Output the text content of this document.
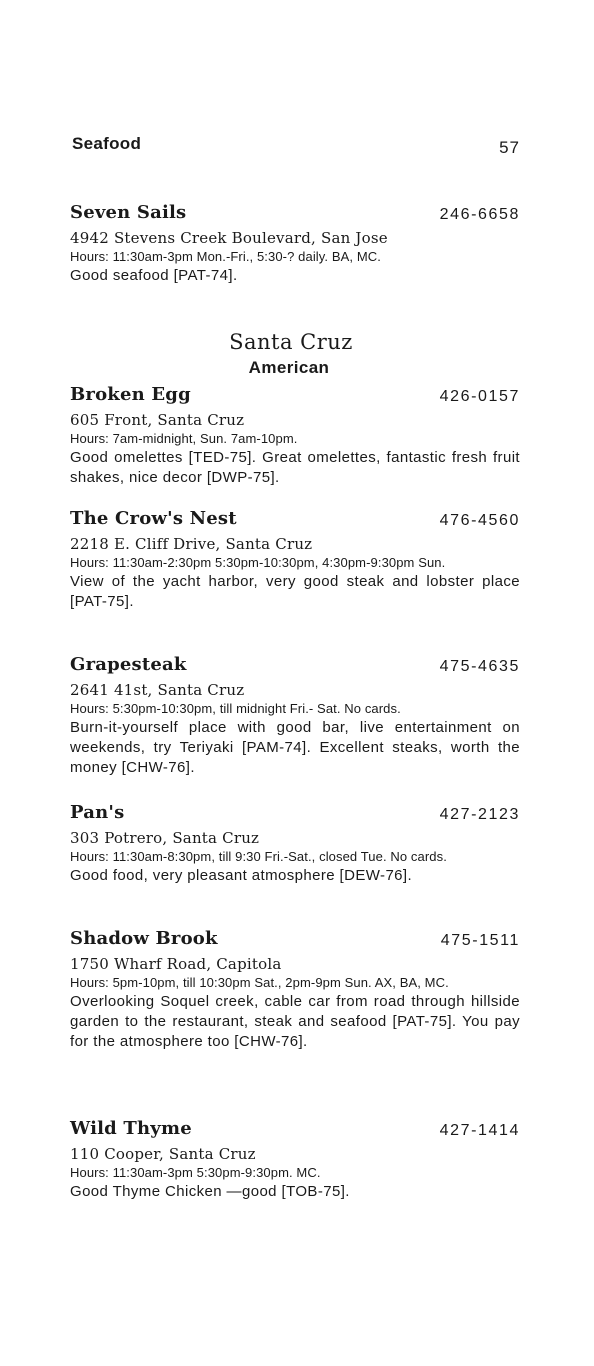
Seafood	57
Seven Sails	246-6658
4942 Stevens Creek Boulevard, San Jose
Hours: 11:30am-3pm Mon.-Fri., 5:30-? daily. BA, MC.
Good seafood [PAT-74].
Santa Cruz
American
Broken Egg	426-0157
605 Front, Santa Cruz
Hours: 7am-midnight, Sun. 7am-10pm.
Good omelettes [TED-75]. Great omelettes, fantastic fresh fruit shakes, nice decor [DWP-75].
The Crow's Nest	476-4560
2218 E. Cliff Drive, Santa Cruz
Hours: 11:30am-2:30pm 5:30pm-10:30pm, 4:30pm-9:30pm Sun.
View of the yacht harbor, very good steak and lobster place [PAT-75].
Grapesteak	475-4635
2641 41st, Santa Cruz
Hours: 5:30pm-10:30pm, till midnight Fri.- Sat. No cards.
Burn-it-yourself place with good bar, live entertainment on weekends, try Teriyaki [PAM-74]. Excellent steaks, worth the money [CHW-76].
Pan's	427-2123
303 Potrero, Santa Cruz
Hours: 11:30am-8:30pm, till 9:30 Fri.-Sat., closed Tue. No cards.
Good food, very pleasant atmosphere [DEW-76].
Shadow Brook	475-1511
1750 Wharf Road, Capitola
Hours: 5pm-10pm, till 10:30pm Sat., 2pm-9pm Sun. AX, BA, MC.
Overlooking Soquel creek, cable car from road through hillside garden to the restaurant, steak and seafood [PAT-75]. You pay for the atmosphere too [CHW-76].
Wild Thyme	427-1414
110 Cooper, Santa Cruz
Hours: 11:30am-3pm 5:30pm-9:30pm. MC.
Good Thyme Chicken —good [TOB-75].
